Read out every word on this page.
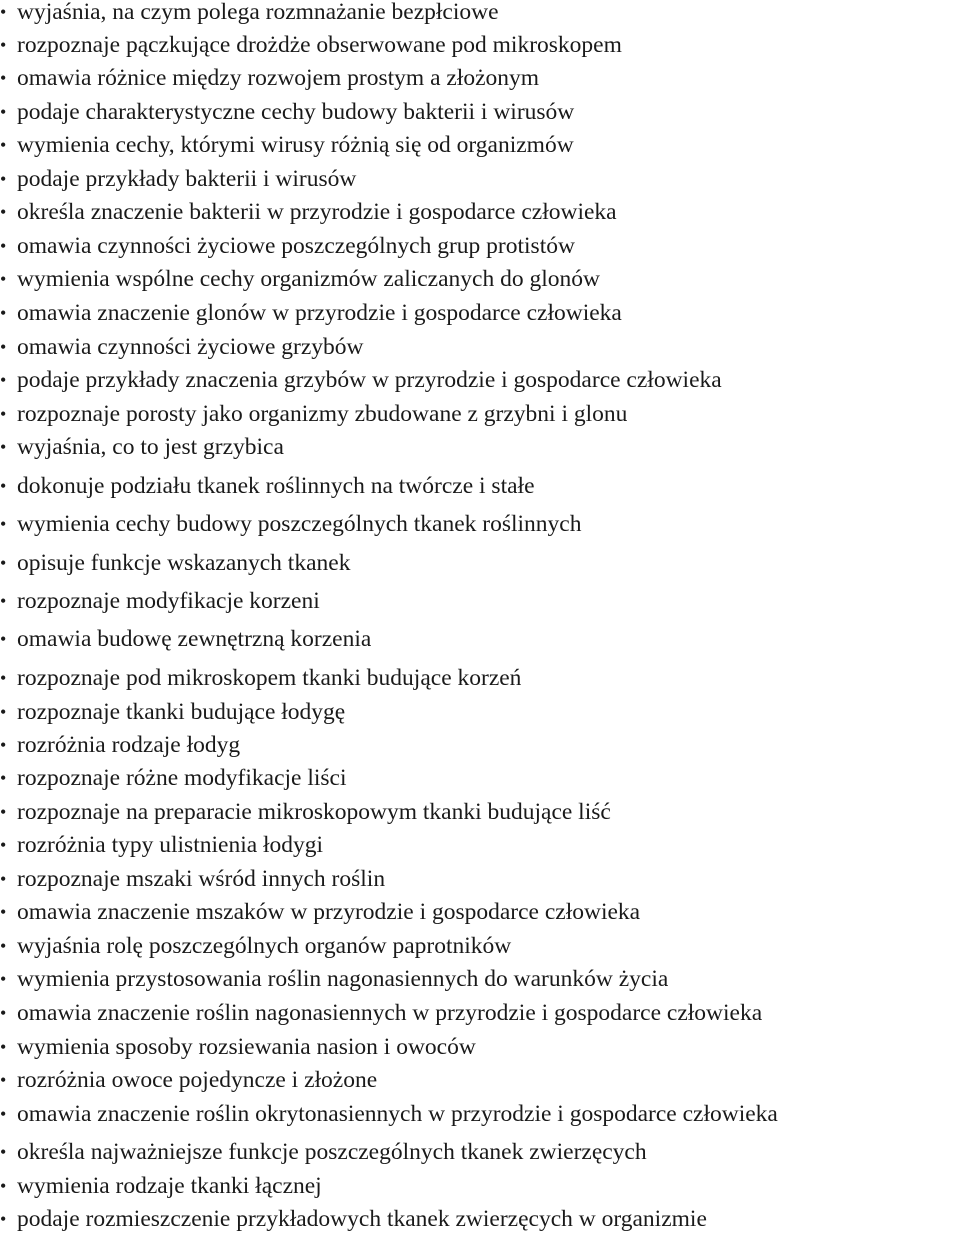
• wyjaśnia, na czym polega rozmnażanie bezpłciowe
• rozpoznaje pączkujące drożdże obserwowane pod mikroskopem
• omawia różnice między rozwojem prostym a złożonym
• podaje charakterystyczne cechy budowy bakterii i wirusów
• wymienia cechy, którymi wirusy różnią się od organizmów
• podaje przykłady bakterii i wirusów
• określa znaczenie bakterii w przyrodzie i gospodarce człowieka
• omawia czynności życiowe poszczególnych grup protistów
• wymienia wspólne cechy organizmów zaliczanych do glonów
• omawia znaczenie glonów w przyrodzie i gospodarce człowieka
• omawia czynności życiowe grzybów
• podaje przykłady znaczenia grzybów w przyrodzie i gospodarce człowieka
• rozpoznaje porosty jako organizmy zbudowane z grzybni i glonu
• wyjaśnia, co to jest grzybica
• dokonuje podziału tkanek roślinnych na twórcze i stałe
• wymienia cechy budowy poszczególnych tkanek roślinnych
• opisuje funkcje wskazanych tkanek
• rozpoznaje modyfikacje korzeni
• omawia budowę zewnętrzną korzenia
• rozpoznaje pod mikroskopem tkanki budujące korzeń
• rozpoznaje tkanki budujące łodygę
• rozróżnia rodzaje łodyg
• rozpoznaje różne modyfikacje liści
• rozpoznaje na preparacie mikroskopowym tkanki budujące liść
• rozróżnia typy ulistnienia łodygi
• rozpoznaje mszaki wśród innych roślin
• omawia znaczenie mszaków w przyrodzie i gospodarce człowieka
• wyjaśnia rolę poszczególnych organów paprotników
• wymienia przystosowania roślin nagonasiennych do warunków życia
• omawia znaczenie roślin nagonasiennych w przyrodzie i gospodarce człowieka
• wymienia sposoby rozsiewania nasion i owoców
• rozróżnia owoce pojedyncze i złożone
• omawia znaczenie roślin okrytonasiennych w przyrodzie i gospodarce człowieka
• określa najważniejsze funkcje poszczególnych tkanek zwierzęcych
• wymienia rodzaje tkanki łącznej
• podaje rozmieszczenie przykładowych tkanek zwierzęcych w organizmie
